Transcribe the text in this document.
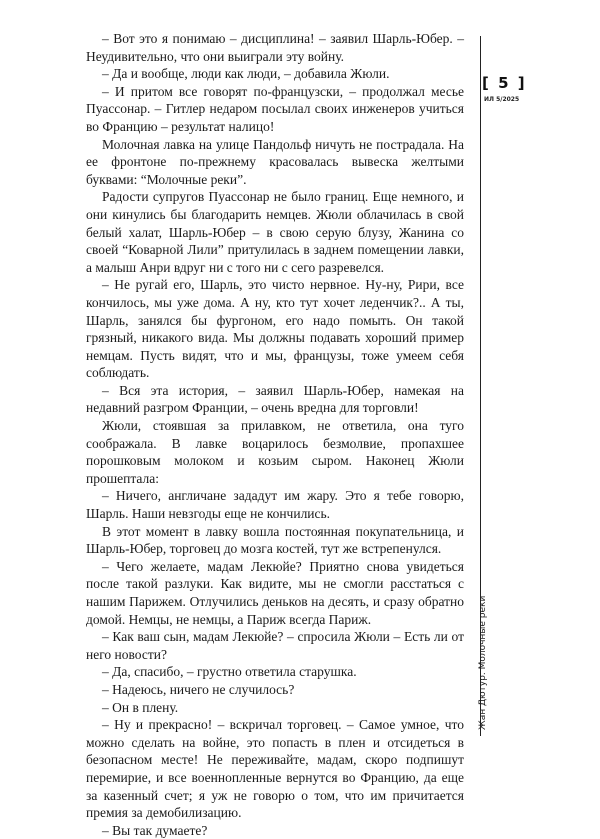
– Вот это я понимаю – дисциплина! – заявил Шарль-Юбер. – Неудивительно, что они выиграли эту войну.

– Да и вообще, люди как люди, – добавила Жюли.

– И притом все говорят по-французски, – продолжал месье Пуассонар. – Гитлер недаром посылал своих инженеров учиться во Францию – результат налицо!

Молочная лавка на улице Пандольф ничуть не пострадала. На ее фронтоне по-прежнему красовалась вывеска желтыми буквами: “Молочные реки”.

Радости супругов Пуассонар не было границ. Еще немного, и они кинулись бы благодарить немцев. Жюли облачилась в свой белый халат, Шарль-Юбер – в свою серую блузу, Жанина со своей “Коварной Лили” притулилась в заднем помещении лавки, а малыш Анри вдруг ни с того ни с сего разревелся.

– Не ругай его, Шарль, это чисто нервное. Ну-ну, Рири, все кончилось, мы уже дома. А ну, кто тут хочет леденчик?.. А ты, Шарль, занялся бы фургоном, его надо помыть. Он такой грязный, никакого вида. Мы должны подавать хороший пример немцам. Пусть видят, что и мы, французы, тоже умеем себя соблюдать.

– Вся эта история, – заявил Шарль-Юбер, намекая на недавний разгром Франции, – очень вредна для торговли!

Жюли, стоявшая за прилавком, не ответила, она туго соображала. В лавке воцарилось безмолвие, пропахшее порошковым молоком и козьим сыром. Наконец Жюли прошептала:

– Ничего, англичане зададут им жару. Это я тебе говорю, Шарль. Наши невзгоды еще не кончились.

В этот момент в лавку вошла постоянная покупательница, и Шарль-Юбер, торговец до мозга костей, тут же встрепенулся.

– Чего желаете, мадам Лекюйе? Приятно снова увидеться после такой разлуки. Как видите, мы не смогли расстаться с нашим Парижем. Отлучились деньков на десять, и сразу обратно домой. Немцы, не немцы, а Париж всегда Париж.

– Как ваш сын, мадам Лекюйе? – спросила Жюли – Есть ли от него новости?

– Да, спасибо, – грустно ответила старушка.

– Надеюсь, ничего не случилось?

– Он в плену.

– Ну и прекрасно! – вскричал торговец. – Самое умное, что можно сделать на войне, это попасть в плен и отсидеться в безопасном месте! Не переживайте, мадам, скоро подпишут перемирие, и все военнопленные вернутся во Францию, да еще за казенный счет; я уж не говорю о том, что им причитается премия за демобилизацию.

– Вы так думаете?

[ 5 ]
ИЛ 5/2025
Жан Дютур. Молочные реки
